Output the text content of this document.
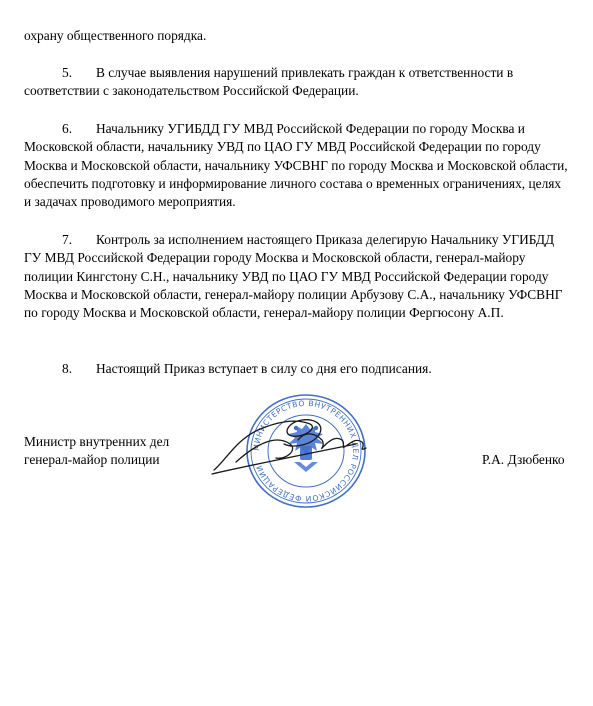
охрану общественного порядка.

5. В случае выявления нарушений привлекать граждан к ответственности в соответствии с законодательством Российской Федерации.

6. Начальнику УГИБДД ГУ МВД Российской Федерации по городу Москва и Московской области, начальнику УВД по ЦАО ГУ МВД Российской Федерации по городу Москва и Московской области, начальнику УФСВНГ по городу Москва и Московской области, обеспечить подготовку и информирование личного состава о временных ограничениях, целях и задачах проводимого мероприятия.

7. Контроль за исполнением настоящего Приказа делегирую Начальнику УГИБДД ГУ МВД Российской Федерации городу Москва и Московской области, генерал-майору полиции Кингстону С.Н., начальнику УВД по ЦАО ГУ МВД Российской Федерации городу Москва и Московской области, генерал-майору полиции Арбузову С.А., начальнику УФСВНГ по городу Москва и Московской области, генерал-майору полиции Фергюсону А.П.

8. Настоящий Приказ вступает в силу со дня его подписания.

МИНИСТЕРСТВО ВНУТРЕННИХ ДЕЛ РОССИЙСКОЙ ФЕДЕРАЦИИ

Министр внутренних дел
генерал-майор полиции	Р.А. Дзюбенко
